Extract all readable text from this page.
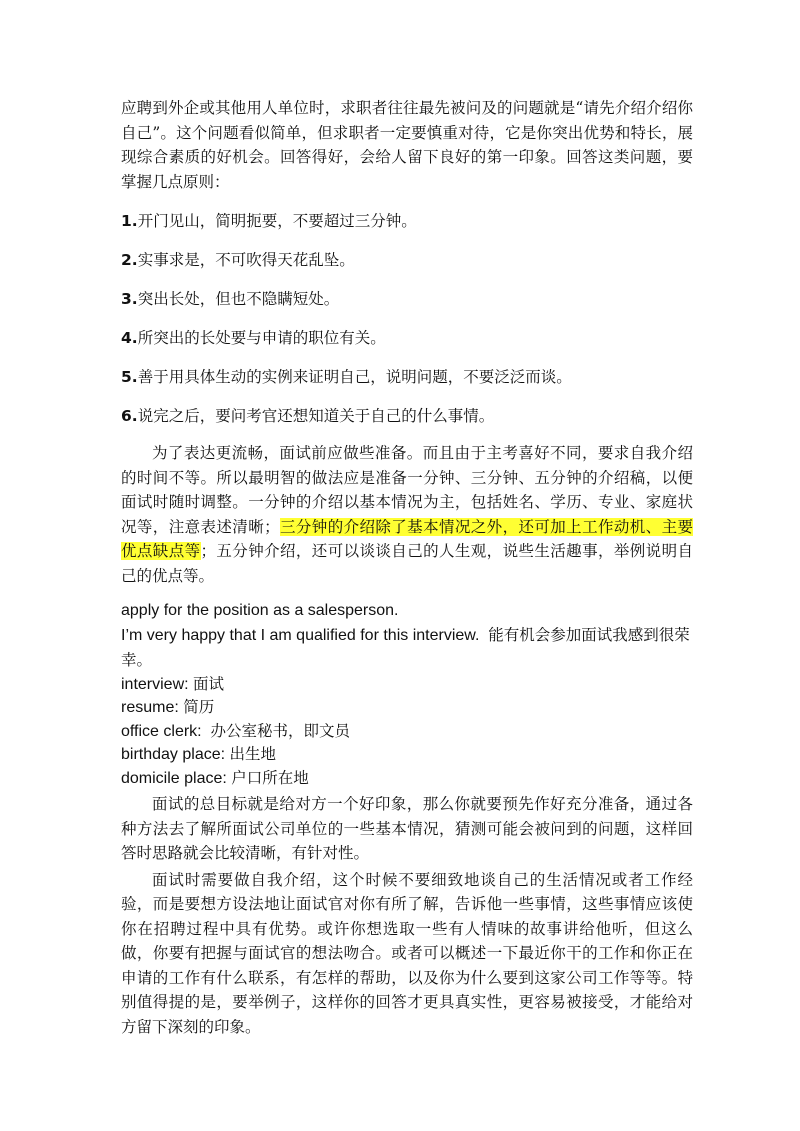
应聘到外企或其他用人单位时，求职者往往最先被问及的问题就是“请先介绍介绍你自己”。这个问题看似简单，但求职者一定要慎重对待，它是你突出优势和特长，展现综合素质的好机会。回答得好，会给人留下良好的第一印象。回答这类问题，要掌握几点原则：

1.开门见山，简明扼要，不要超过三分钟。
2.实事求是，不可吹得天花乱坠。
3.突出长处，但也不隐瞒短处。
4.所突出的长处要与申请的职位有关。
5.善于用具体生动的实例来证明自己，说明问题，不要泛泛而谈。
6.说完之后，要问考官还想知道关于自己的什么事情。

为了表达更流畅，面试前应做些准备。而且由于主考喜好不同，要求自我介绍的时间不等。所以最明智的做法应是准备一分钟、三分钟、五分钟的介绍稿，以便面试时随时调整。一分钟的介绍以基本情况为主，包括姓名、学历、专业、家庭状况等，注意表述清晰；三分钟的介绍除了基本情况之外，还可加上工作动机、主要优点缺点等；五分钟介绍，还可以谈谈自己的人生观，说些生活趣事，举例说明自己的优点等。

apply for the position as a salesperson.

I’m very happy that I am qualified for this interview. 能有机会参加面试我感到很荣幸。

interview: 面试

resume: 简历

office clerk: 办公室秘书，即文员

birthday place: 出生地

domicile place: 户口所在地

面试的总目标就是给对方一个好印象，那么你就要预先作好充分准备，通过各种方法去了解所面试公司单位的一些基本情况，猜测可能会被问到的问题，这样回答时思路就会比较清晰，有针对性。

面试时需要做自我介绍，这个时候不要细致地谈自己的生活情况或者工作经验，而是要想方设法地让面试官对你有所了解，告诉他一些事情，这些事情应该使你在招聘过程中具有优势。或许你想选取一些有人情味的故事讲给他听，但这么做，你要有把握与面试官的想法吻合。或者可以概述一下最近你干的工作和你正在申请的工作有什么联系，有怎样的帮助，以及你为什么要到这家公司工作等等。特别值得提的是，要举例子，这样你的回答才更具真实性，更容易被接受，才能给对方留下深刻的印象。
